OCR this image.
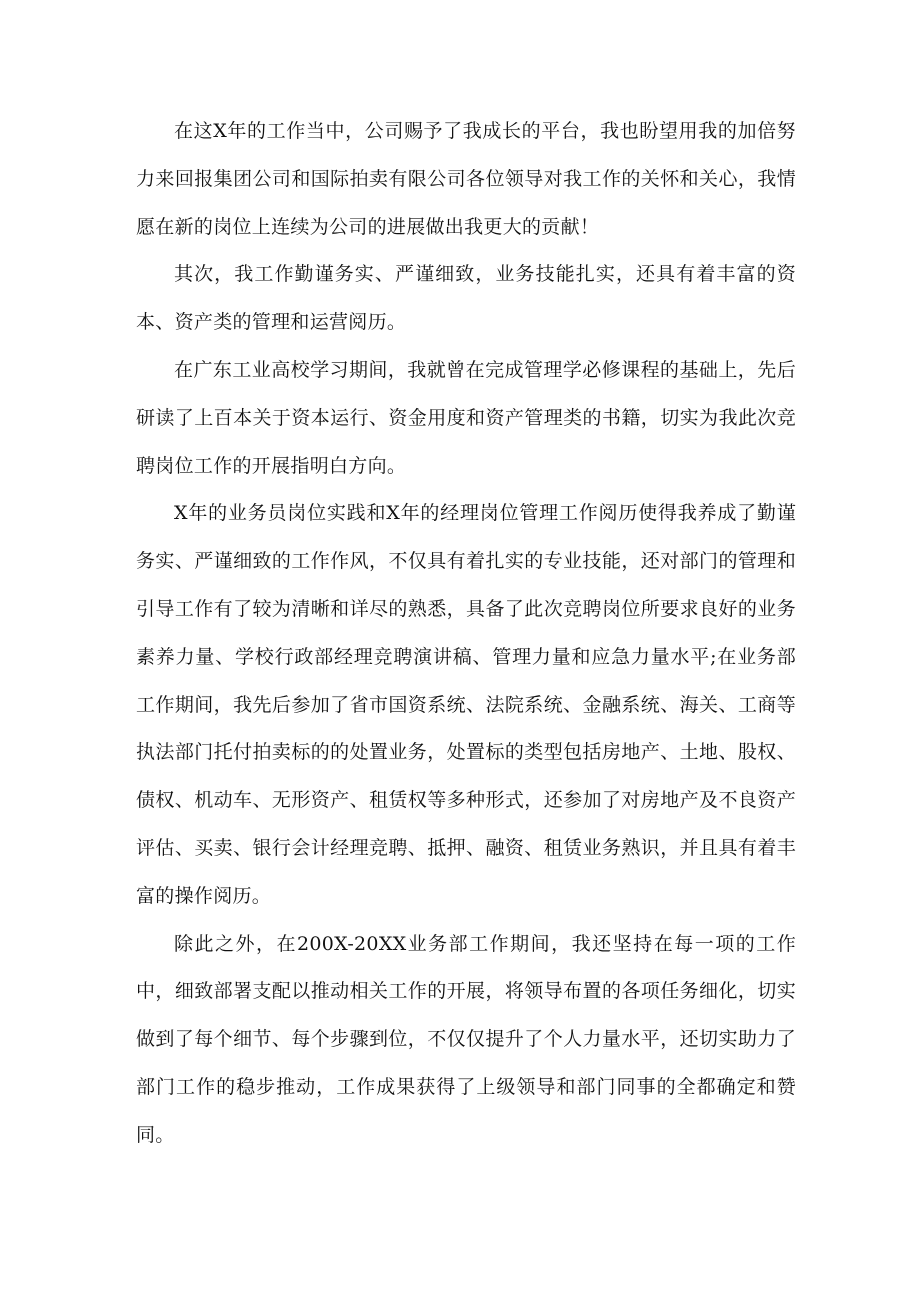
在这X年的工作当中，公司赐予了我成长的平台，我也盼望用我的加倍努力来回报集团公司和国际拍卖有限公司各位领导对我工作的关怀和关心，我情愿在新的岗位上连续为公司的进展做出我更大的贡献！

其次，我工作勤谨务实、严谨细致，业务技能扎实，还具有着丰富的资本、资产类的管理和运营阅历。

在广东工业高校学习期间，我就曾在完成管理学必修课程的基础上，先后研读了上百本关于资本运行、资金用度和资产管理类的书籍，切实为我此次竞聘岗位工作的开展指明白方向。

X年的业务员岗位实践和X年的经理岗位管理工作阅历使得我养成了勤谨务实、严谨细致的工作作风，不仅具有着扎实的专业技能，还对部门的管理和引导工作有了较为清晰和详尽的熟悉，具备了此次竞聘岗位所要求良好的业务素养力量、学校行政部经理竞聘演讲稿、管理力量和应急力量水平;在业务部工作期间，我先后参加了省市国资系统、法院系统、金融系统、海关、工商等执法部门托付拍卖标的的处置业务，处置标的类型包括房地产、土地、股权、债权、机动车、无形资产、租赁权等多种形式，还参加了对房地产及不良资产评估、买卖、银行会计经理竞聘、抵押、融资、租赁业务熟识，并且具有着丰富的操作阅历。

除此之外，在200X-20XX业务部工作期间，我还坚持在每一项的工作中，细致部署支配以推动相关工作的开展，将领导布置的各项任务细化，切实做到了每个细节、每个步骤到位，不仅仅提升了个人力量水平，还切实助力了部门工作的稳步推动，工作成果获得了上级领导和部门同事的全都确定和赞同。
